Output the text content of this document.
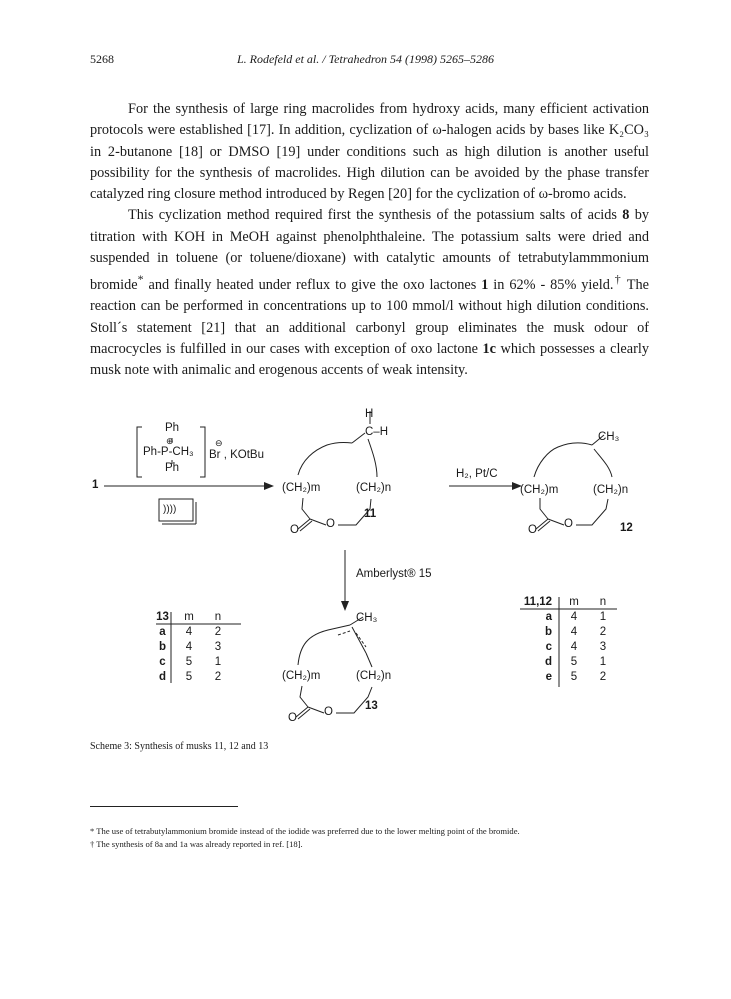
5268	L. Rodefeld et al. / Tetrahedron 54 (1998) 5265–5286

For the synthesis of large ring macrolides from hydroxy acids, many efficient activation protocols were established [17]. In addition, cyclization of ω-halogen acids by bases like K₂CO₃ in 2-butanone [18] or DMSO [19] under conditions such as high dilution is another useful possibility for the synthesis of macrolides. High dilution can be avoided by the phase transfer catalyzed ring closure method introduced by Regen [20] for the cyclization of ω-bromo acids.

This cyclization method required first the synthesis of the potassium salts of acids 8 by titration with KOH in MeOH against phenolphthaleine. The potassium salts were dried and suspended in toluene (or toluene/dioxane) with catalytic amounts of tetrabutylammmonium bromide* and finally heated under reflux to give the oxo lactones 1 in 62% - 85% yield.† The reaction can be performed in concentrations up to 100 mmol/l without high dilution conditions. Stoll´s statement [21] that an additional carbonyl group eliminates the musk odour of macrocycles is fulfilled in our cases with exception of oxo lactone 1c which possesses a clearly musk note with animalic and erogenous accents of weak intensity.

Ph
⊕
Ph-P-CH₃
Ph
⊖
Br , KOtBu
1
))))
H
C–H
(CH₂)m	(CH₂)n
O O
11
H₂, Pt/C
CH₃
(CH₂)m	(CH₂)n
O O	12
Amberlyst® 15
CH₃
(CH₂)m	(CH₂)n
O O	13
13	m	n
a	4	2
b	4	3
c	5	1
d	5	2
11,12	m	n
a	4	1
b	4	2
c	4	3
d	5	1
e	5	2
Scheme 3: Synthesis of musks 11, 12 and 13
* The use of tetrabutylammonium bromide instead of the iodide was preferred due to the lower melting point of the bromide.
† The synthesis of 8a and 1a was already reported in ref. [18].
